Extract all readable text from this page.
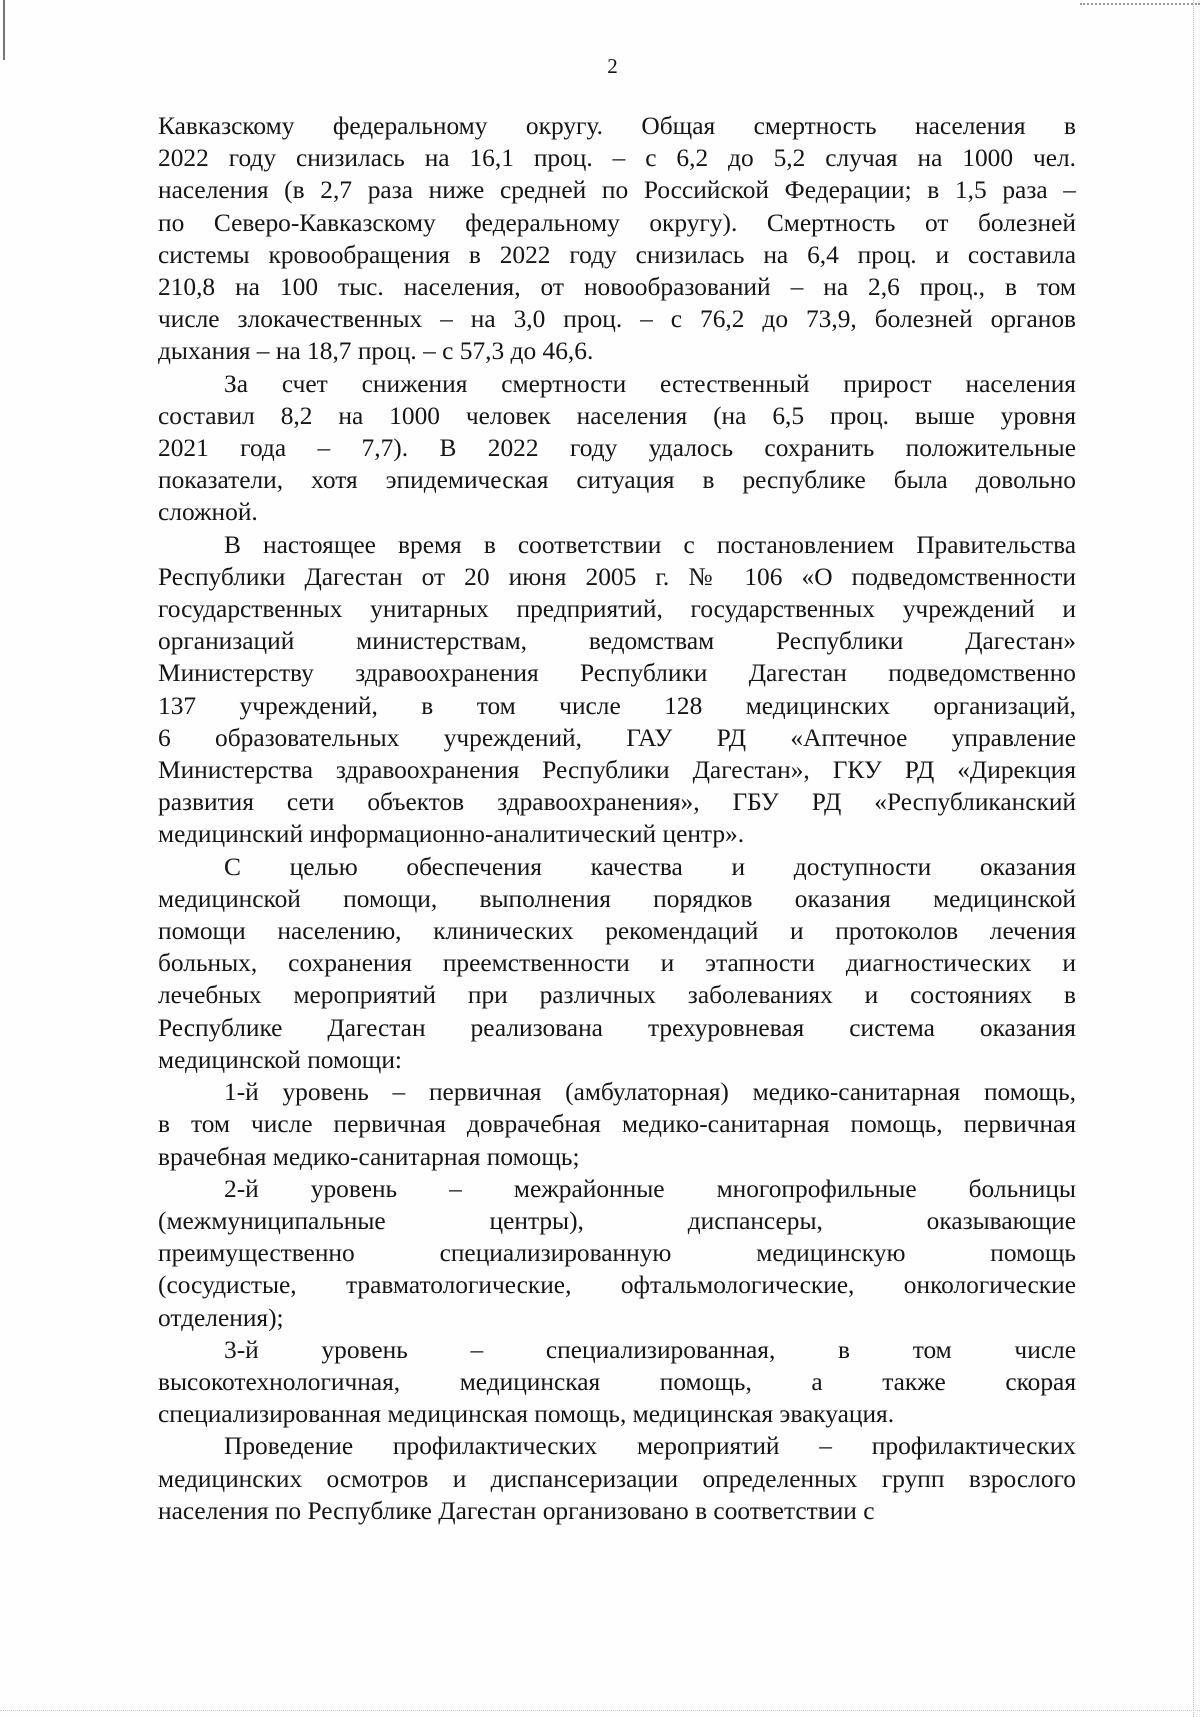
2
Кавказскому федеральному округу. Общая смертность населения в
2022 году снизилась на 16,1 проц. – с 6,2 до 5,2 случая на 1000 чел.
населения (в 2,7 раза ниже средней по Российской Федерации; в 1,5 раза –
по Северо-Кавказскому федеральному округу). Смертность от болезней
системы кровообращения в 2022 году снизилась на 6,4 проц. и составила
210,8 на 100 тыс. населения, от новообразований – на 2,6 проц., в том
числе злокачественных – на 3,0 проц. – с 76,2 до 73,9, болезней органов
дыхания – на 18,7 проц. – с 57,3 до 46,6.
За счет снижения смертности естественный прирост населения
составил 8,2 на 1000 человек населения (на 6,5 проц. выше уровня
2021 года – 7,7). В 2022 году удалось сохранить положительные
показатели, хотя эпидемическая ситуация в республике была довольно
сложной.
В настоящее время в соответствии с постановлением Правительства
Республики Дагестан от 20 июня 2005 г. № 106 «О подведомственности
государственных унитарных предприятий, государственных учреждений и
организаций министерствам, ведомствам Республики Дагестан»
Министерству здравоохранения Республики Дагестан подведомственно
137 учреждений, в том числе 128 медицинских организаций,
6 образовательных учреждений, ГАУ РД «Аптечное управление
Министерства здравоохранения Республики Дагестан», ГКУ РД «Дирекция
развития сети объектов здравоохранения», ГБУ РД «Республиканский
медицинский информационно-аналитический центр».
С целью обеспечения качества и доступности оказания
медицинской помощи, выполнения порядков оказания медицинской
помощи населению, клинических рекомендаций и протоколов лечения
больных, сохранения преемственности и этапности диагностических и
лечебных мероприятий при различных заболеваниях и состояниях в
Республике Дагестан реализована трехуровневая система оказания
медицинской помощи:
1-й уровень – первичная (амбулаторная) медико-санитарная помощь,
в том числе первичная доврачебная медико-санитарная помощь, первичная
врачебная медико-санитарная помощь;
2-й уровень – межрайонные многопрофильные больницы
(межмуниципальные центры), диспансеры, оказывающие
преимущественно специализированную медицинскую помощь
(сосудистые, травматологические, офтальмологические, онкологические
отделения);
3-й уровень – специализированная, в том числе
высокотехнологичная, медицинская помощь, а также скорая
специализированная медицинская помощь, медицинская эвакуация.
Проведение профилактических мероприятий – профилактических
медицинских осмотров и диспансеризации определенных групп взрослого
населения по Республике Дагестан организовано в соответствии с
